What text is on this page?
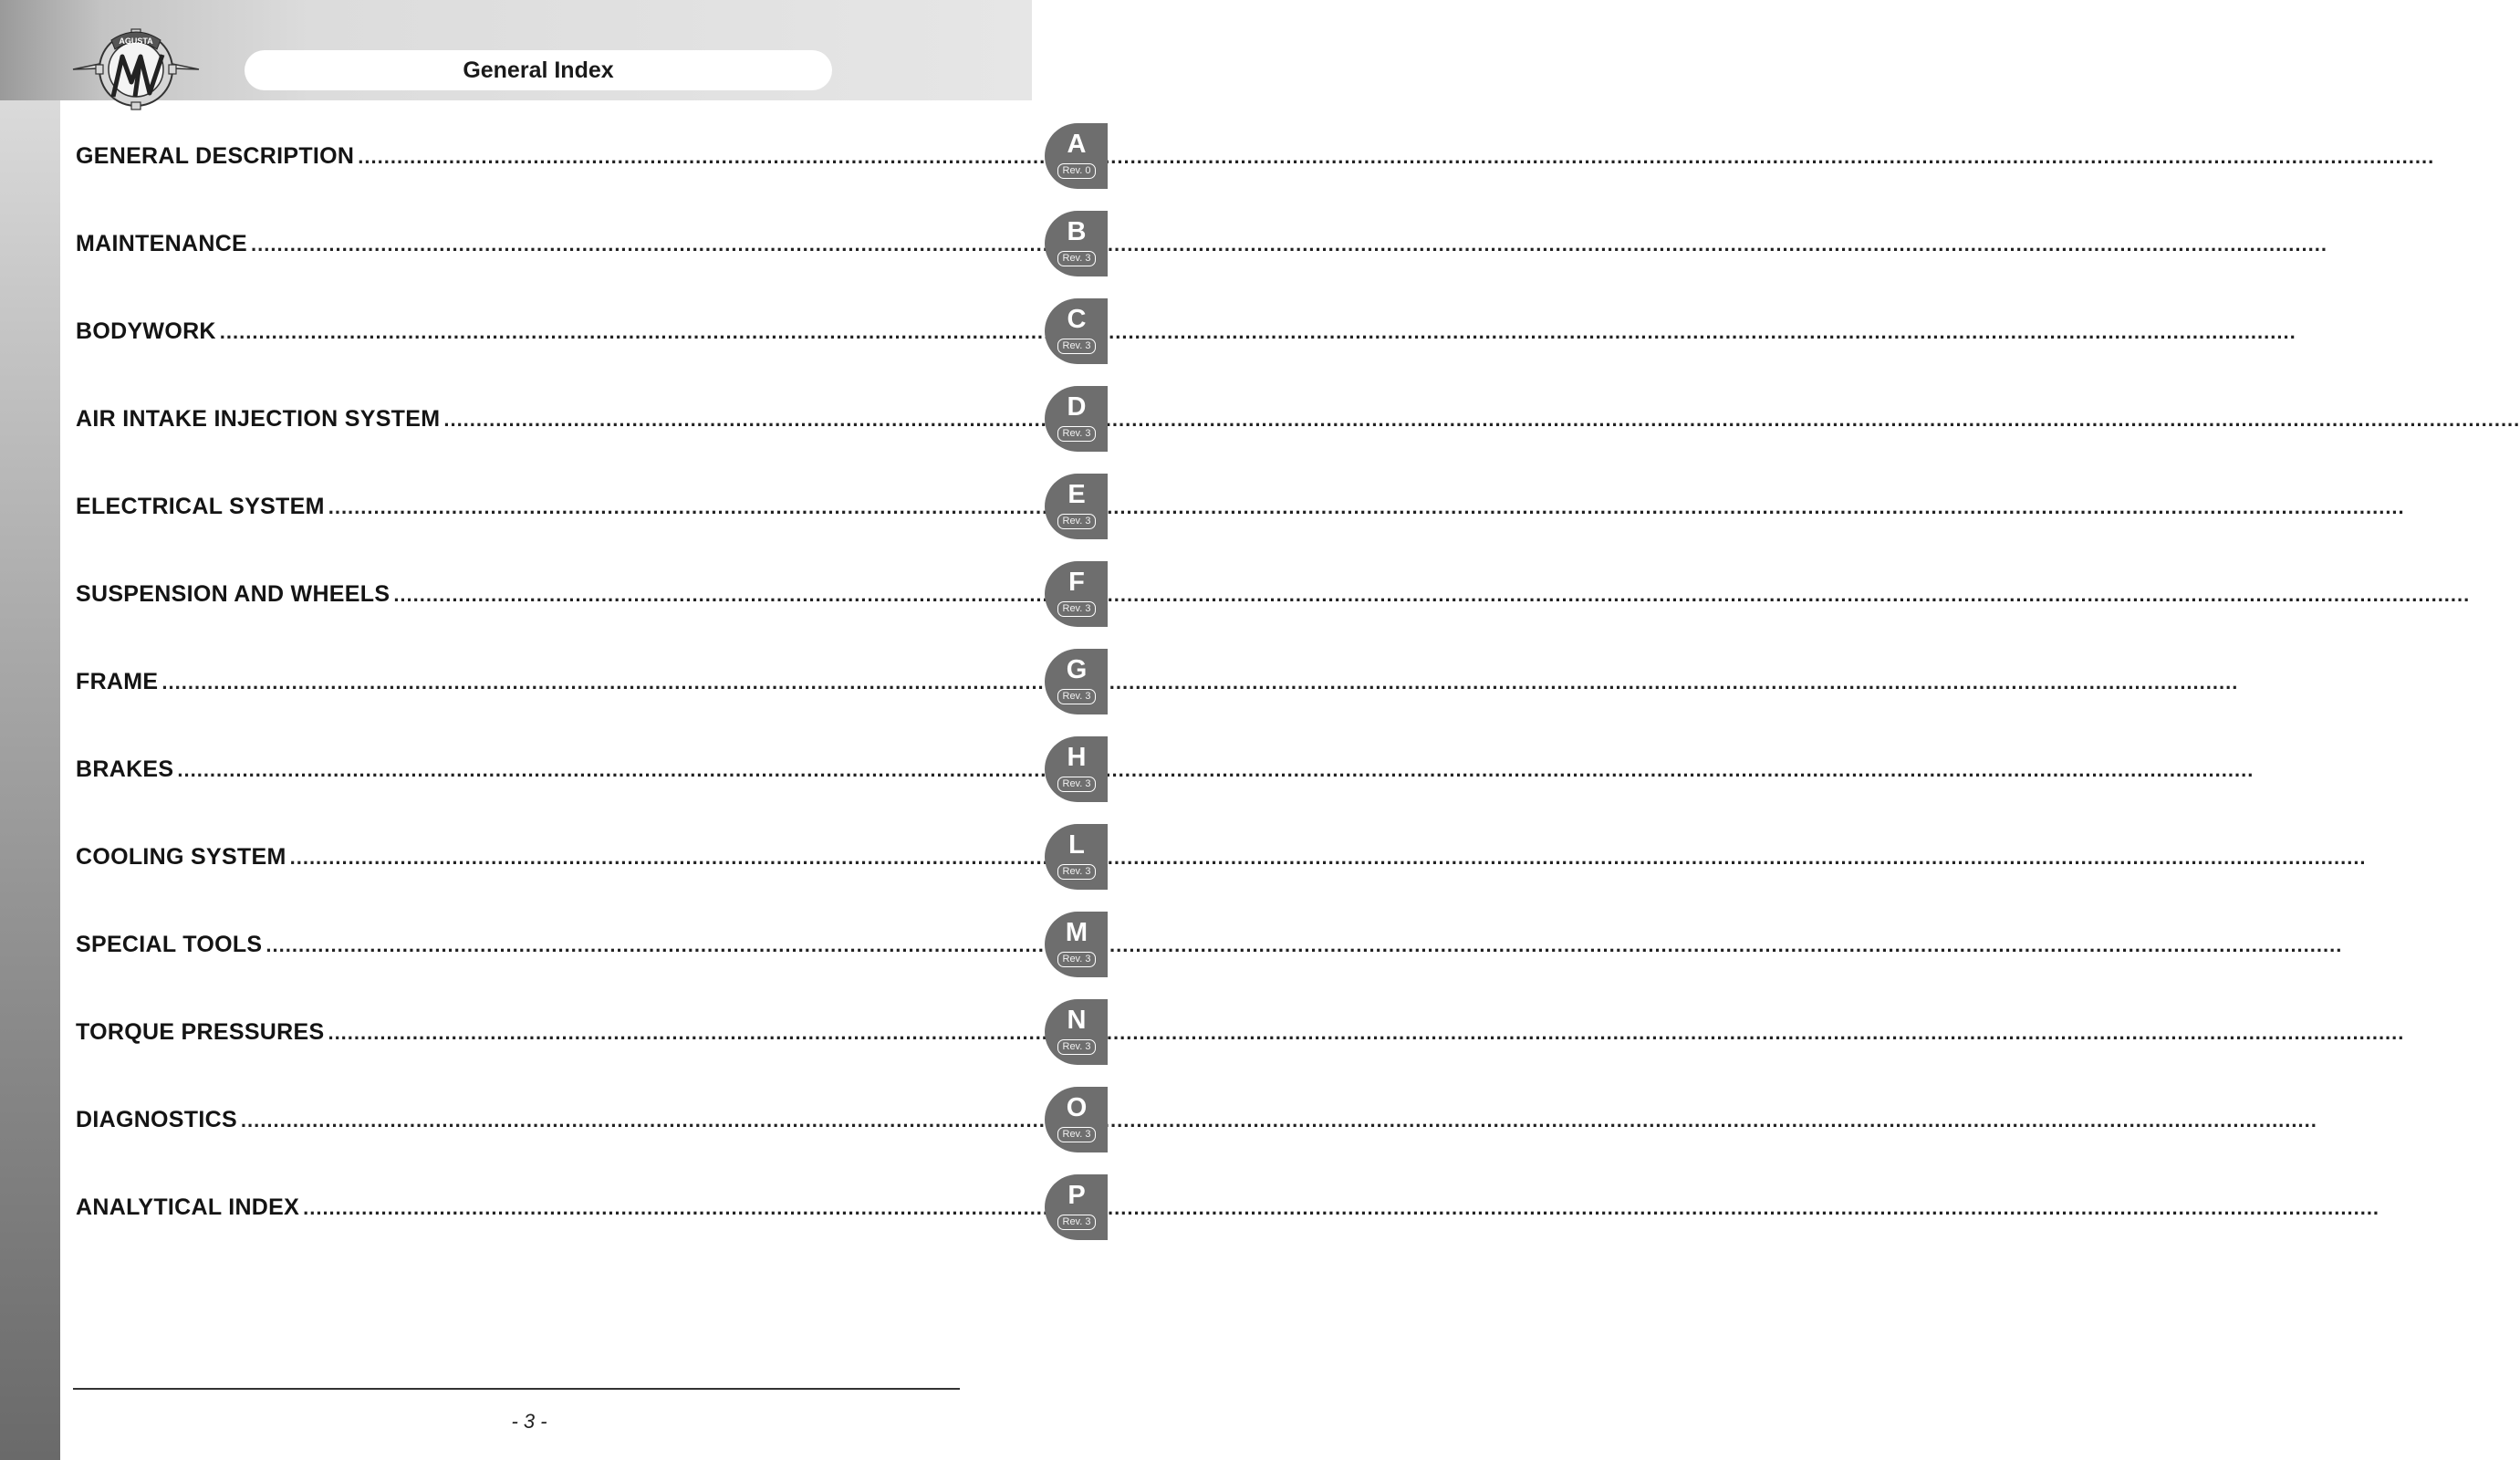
AGUSTA
General Index
GENERAL DESCRIPTION .....	A
Rev. 0
MAINTENANCE .....	B
Rev. 3
BODYWORK .....	C
Rev. 3
AIR INTAKE INJECTION SYSTEM .....	D
Rev. 3
ELECTRICAL SYSTEM .....	E
Rev. 3
SUSPENSION AND WHEELS .....	F
Rev. 3
FRAME .....	G
Rev. 3
BRAKES .....	H
Rev. 3
COOLING SYSTEM .....	L
Rev. 3
SPECIAL TOOLS .....	M
Rev. 3
TORQUE PRESSURES .....	N
Rev. 3
DIAGNOSTICS .....	O
Rev. 3
ANALYTICAL INDEX .....	P
Rev. 3
- 3 -
